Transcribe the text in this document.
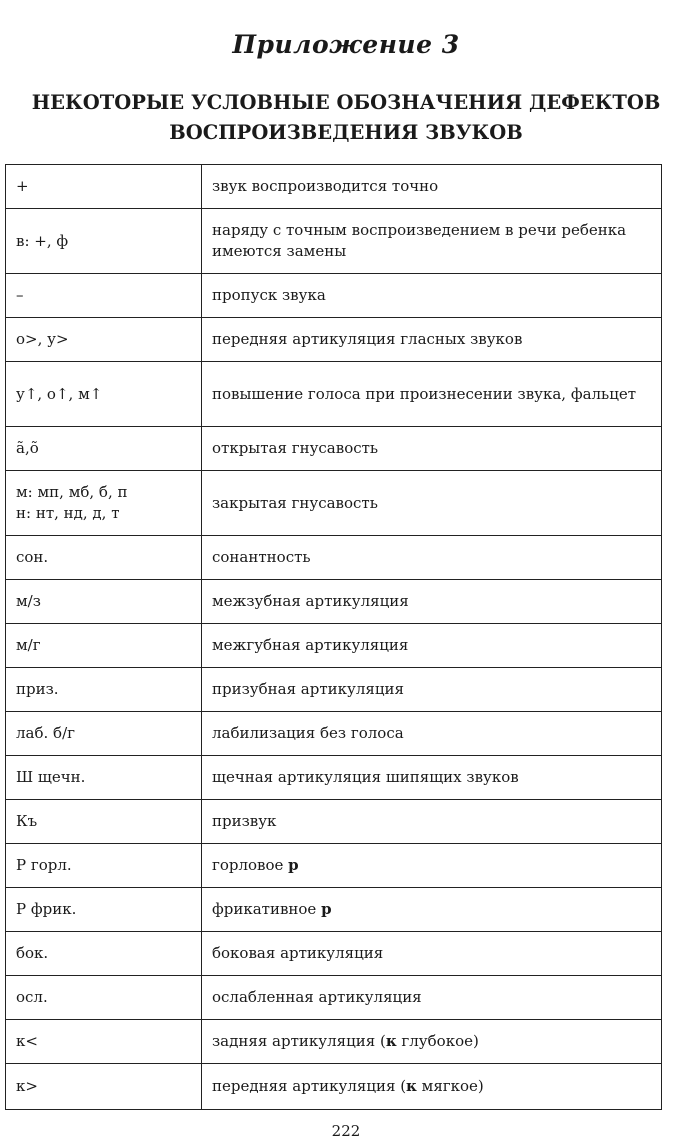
Приложение 3
НЕКОТОРЫЕ УСЛОВНЫЕ ОБОЗНАЧЕНИЯ ДЕФЕКТОВ
ВОСПРОИЗВЕДЕНИЯ ЗВУКОВ
+	звук воспроизводится точно
в: +, ф	наряду с точным воспроизведением в речи ребенка имеются замены
–	пропуск звука
о>, у>	передняя артикуляция гласных звуков
у↑, о↑, м↑	повышение голоса при произнесении звука, фальцет
ã,õ	открытая гнусавость

м: мп, мб, б, п
н: нт, нд, д, т	закрытая гнусавость
сон.	сонантность
м/з	межзубная артикуляция
м/г	межгубная артикуляция
приз.	призубная артикуляция
лаб. б/г	лабилизация без голоса
Ш щечн.	щечная артикуляция шипящих звуков
Къ	призвук
Р горл.	горловое р
Р фрик.	фрикативное р
бок.	боковая артикуляция
осл.	ослабленная артикуляция
к<	задняя артикуляция (к глубокое)
к>	передняя артикуляция (к мягкое)
222
